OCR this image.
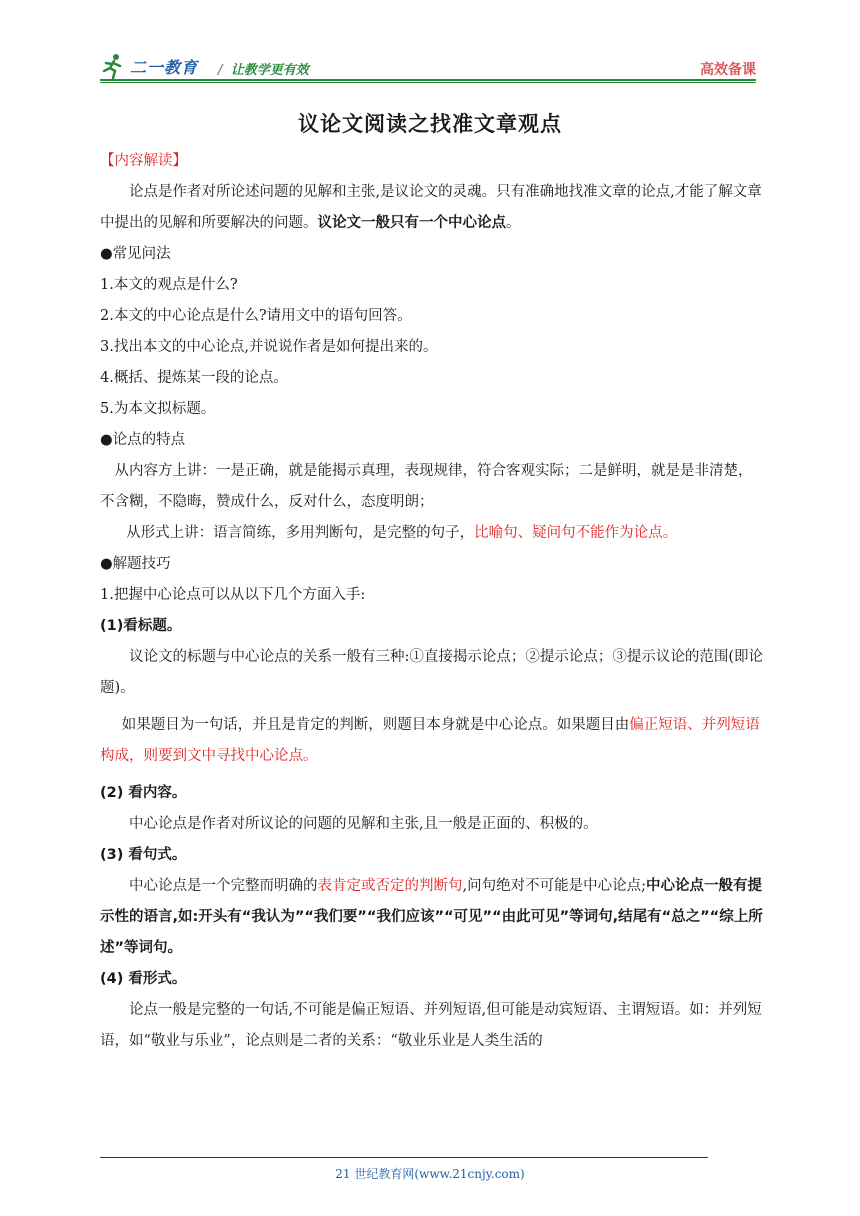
二一教育 / 让教学更有效	高效备课
议论文阅读之找准文章观点

【内容解读】

论点是作者对所论述问题的见解和主张,是议论文的灵魂。只有准确地找准文章的论点,才能了解文章中提出的见解和所要解决的问题。议论文一般只有一个中心论点。

●常见问法

1.本文的观点是什么?

2.本文的中心论点是什么?请用文中的语句回答。

3.找出本文的中心论点,并说说作者是如何提出来的。

4.概括、提炼某一段的论点。

5.为本文拟标题。

●论点的特点

从内容方上讲：一是正确，就是能揭示真理，表现规律，符合客观实际；二是鲜明，就是是非清楚，不含糊，不隐晦，赞成什么，反对什么，态度明朗；

从形式上讲：语言简练，多用判断句，是完整的句子，比喻句、疑问句不能作为论点。

●解题技巧

1.把握中心论点可以从以下几个方面入手:

(1)看标题。

议论文的标题与中心论点的关系一般有三种:①直接揭示论点；②提示论点；③提示议论的范围(即论题)。

如果题目为一句话，并且是肯定的判断，则题目本身就是中心论点。如果题目由偏正短语、并列短语构成，则要到文中寻找中心论点。

(2) 看内容。

中心论点是作者对所议论的问题的见解和主张,且一般是正面的、积极的。

(3) 看句式。

中心论点是一个完整而明确的表肯定或否定的判断句,问句绝对不可能是中心论点;中心论点一般有提示性的语言,如:开头有“我认为”“我们要”“我们应该”“可见”“由此可见”等词句,结尾有“总之”“综上所述”等词句。

(4) 看形式。

论点一般是完整的一句话,不可能是偏正短语、并列短语,但可能是动宾短语、主谓短语。如：并列短语，如“敬业与乐业”，论点则是二者的关系：“敬业乐业是人类生活的

21 世纪教育网(www.21cnjy.com)
